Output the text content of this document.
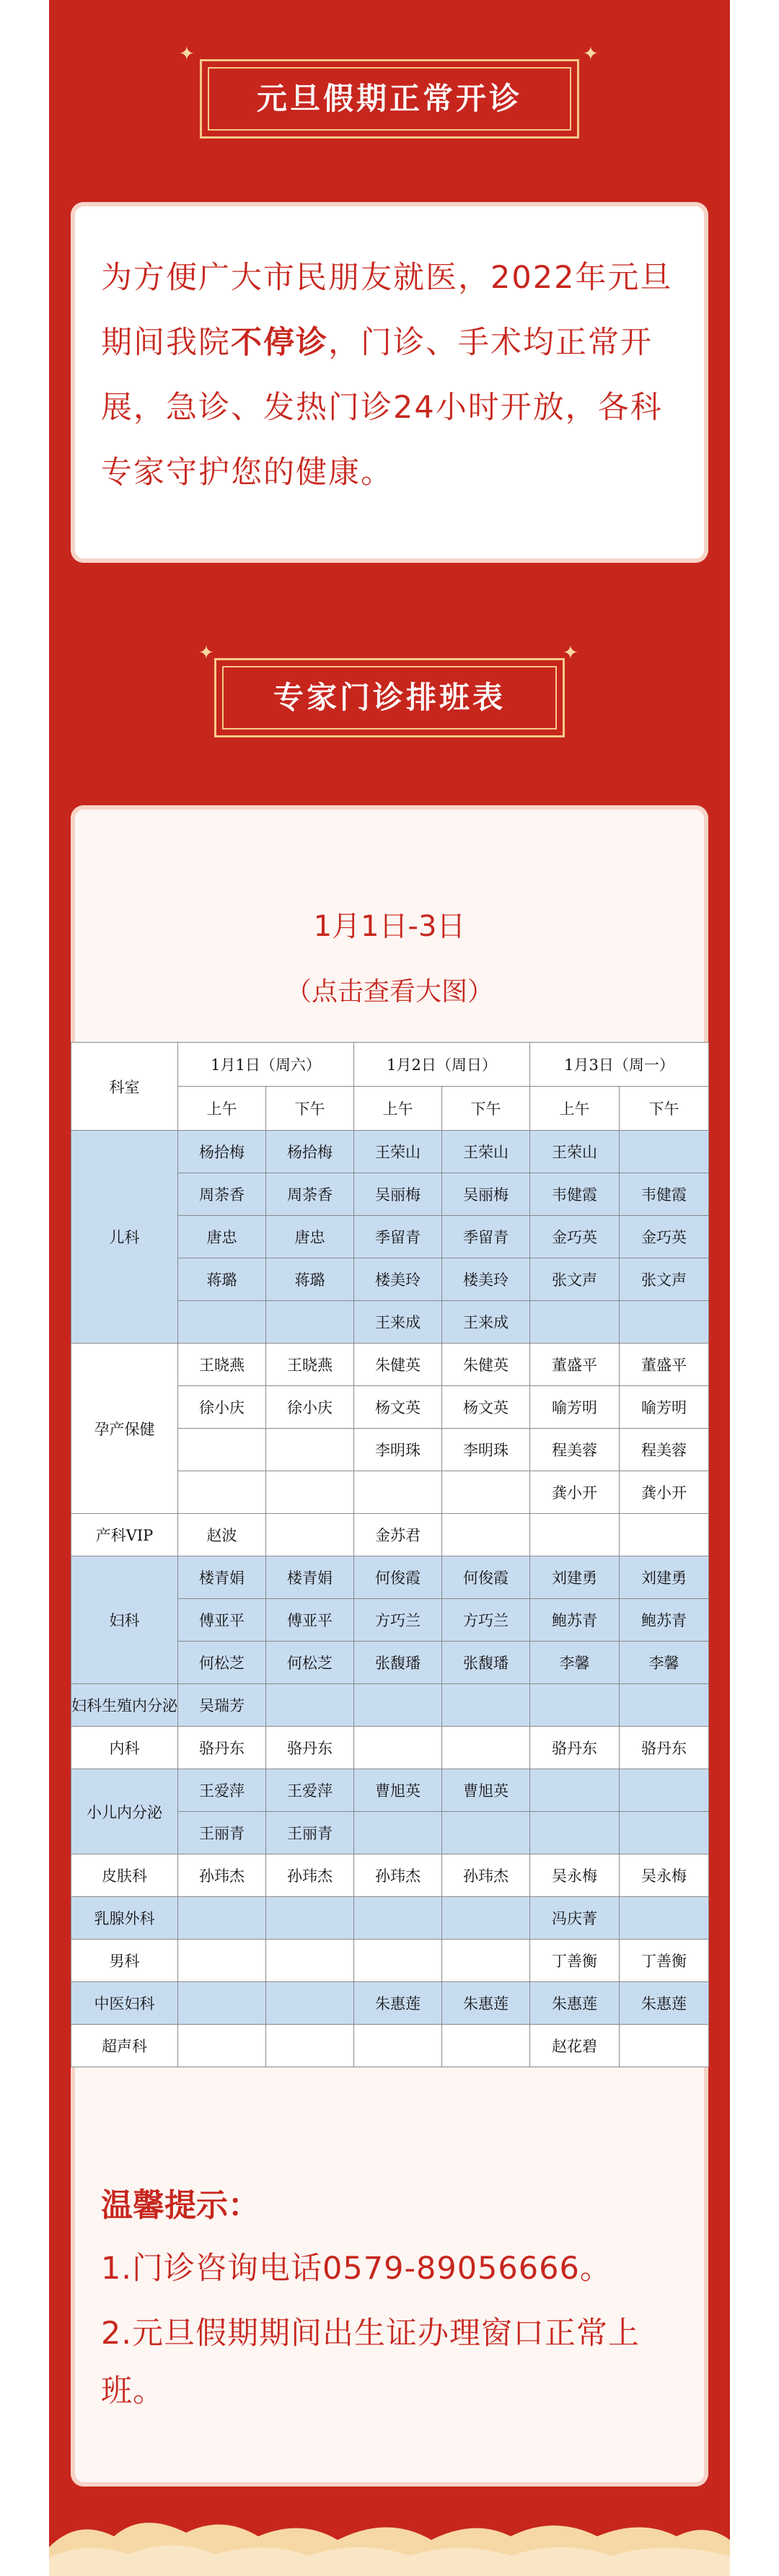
元旦假期正常开诊
✦	✦
为方便广大市民朋友就医，2022年元旦期间我院不停诊，门诊、手术均正常开展，急诊、发热门诊24小时开放，各科专家守护您的健康。
专家门诊排班表
✦	✦
1月1日-3日
（点击查看大图）
科室	1月1日（周六）		1月2日（周日）		1月3日（周一）	
	上午	下午	上午	下午	上午	下午
儿科	杨拾梅	杨拾梅	王荣山	王荣山	王荣山	
	周荼香	周荼香	吴丽梅	吴丽梅	韦健霞	韦健霞
	唐忠	唐忠	季留青	季留青	金巧英	金巧英
	蒋璐	蒋璐	楼美玲	楼美玲	张文声	张文声
			王来成	王来成		
孕产保健	王晓燕	王晓燕	朱健英	朱健英	董盛平	董盛平
	徐小庆	徐小庆	杨文英	杨文英	喻芳明	喻芳明
			李明珠	李明珠	程美蓉	程美蓉
					龚小开	龚小开
产科VIP	赵波		金苏君			
妇科	楼青娟	楼青娟	何俊霞	何俊霞	刘建勇	刘建勇
	傅亚平	傅亚平	方巧兰	方巧兰	鲍苏青	鲍苏青
	何松芝	何松芝	张馥璠	张馥璠	李馨	李馨
妇科生殖内分泌	吴瑞芳					
内科	骆丹东	骆丹东			骆丹东	骆丹东
小儿内分泌	王爱萍	王爱萍	曹旭英	曹旭英		
	王丽青	王丽青				
皮肤科	孙玮杰	孙玮杰	孙玮杰	孙玮杰	吴永梅	吴永梅
乳腺外科					冯庆菁	
男科					丁善衡	丁善衡
中医妇科			朱惠莲	朱惠莲	朱惠莲	朱惠莲
超声科					赵花碧	
温馨提示：
1.门诊咨询电话0579-89056666。
2.元旦假期期间出生证办理窗口正常上班。
